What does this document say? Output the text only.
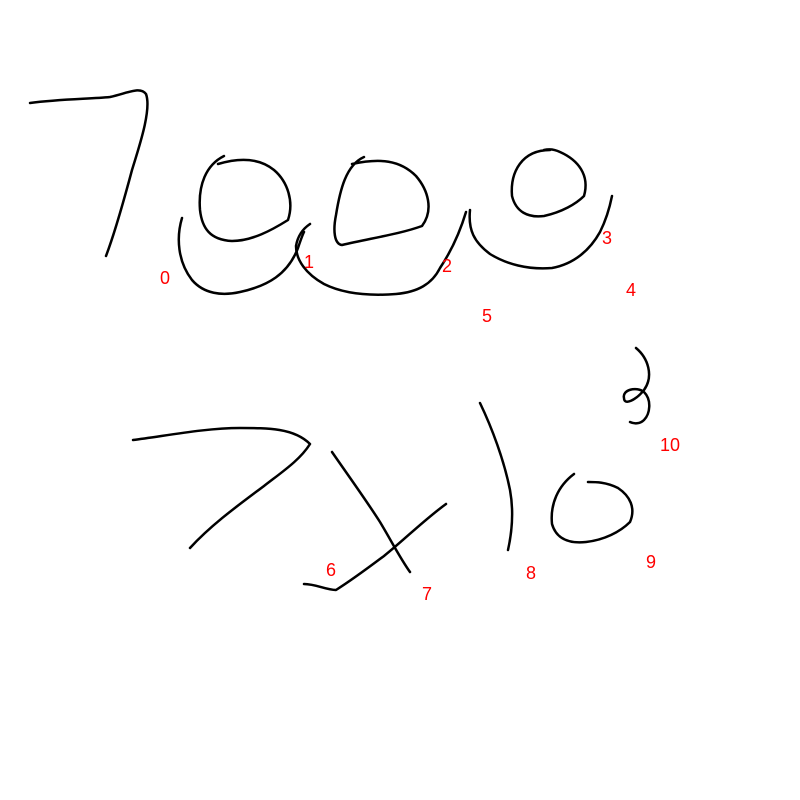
0
1	2
3
4
5
6
7
8
9
10
